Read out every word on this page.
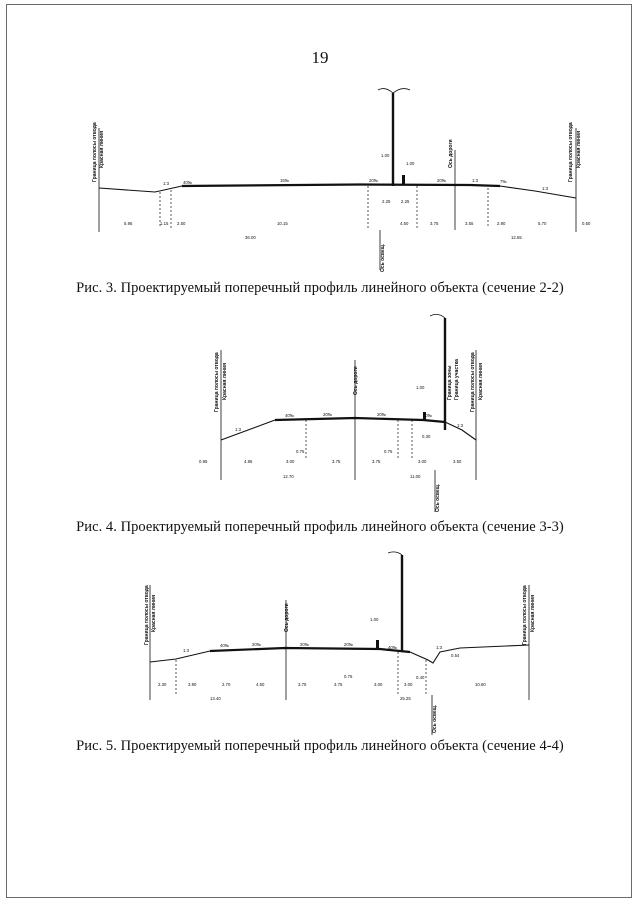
19
Граница полосы отвода Красная линия	Граница полосы отвода Красная линия
Ось дороги
Ось освещ.
1:3	40‰	15‰	20‰	20‰	1:3	7‰
1:3
1.00
1.00
5.95	1.15 2.50	10.15
2.25 2.25
3.75	3.55	2.90	5.70	0.50
36.00
4.50
12.65
Рис. 3. Проектируемый поперечный профиль линейного объекта (сечение 2-2)
Граница полосы отвода Красная линия	Граница полосы отвода Красная линия
Ось дороги	Граница зоны Граница участка
Ось освещ.
1:3
40‰	20‰	20‰	40‰
1:3
1.00
0.75	0.75
0.30
0.95	4.85	3.00	3.75	3.75	3.00	3.50
12.70	11.00
Рис. 4. Проектируемый поперечный профиль линейного объекта (сечение 3-3)
Граница полосы отвода Красная линия	Граница полосы отвода Красная линия
Ось дороги
Ось освещ.
1:3
40‰	20‰	20‰	20‰
40‰	1:3
1.00
0.75
0.54
2.30	3.90	2.70	4.50	3.75	3.75	3.00	3.00
0.40
10.60
13.40	25.25
Рис. 5. Проектируемый поперечный профиль линейного объекта (сечение 4-4)
